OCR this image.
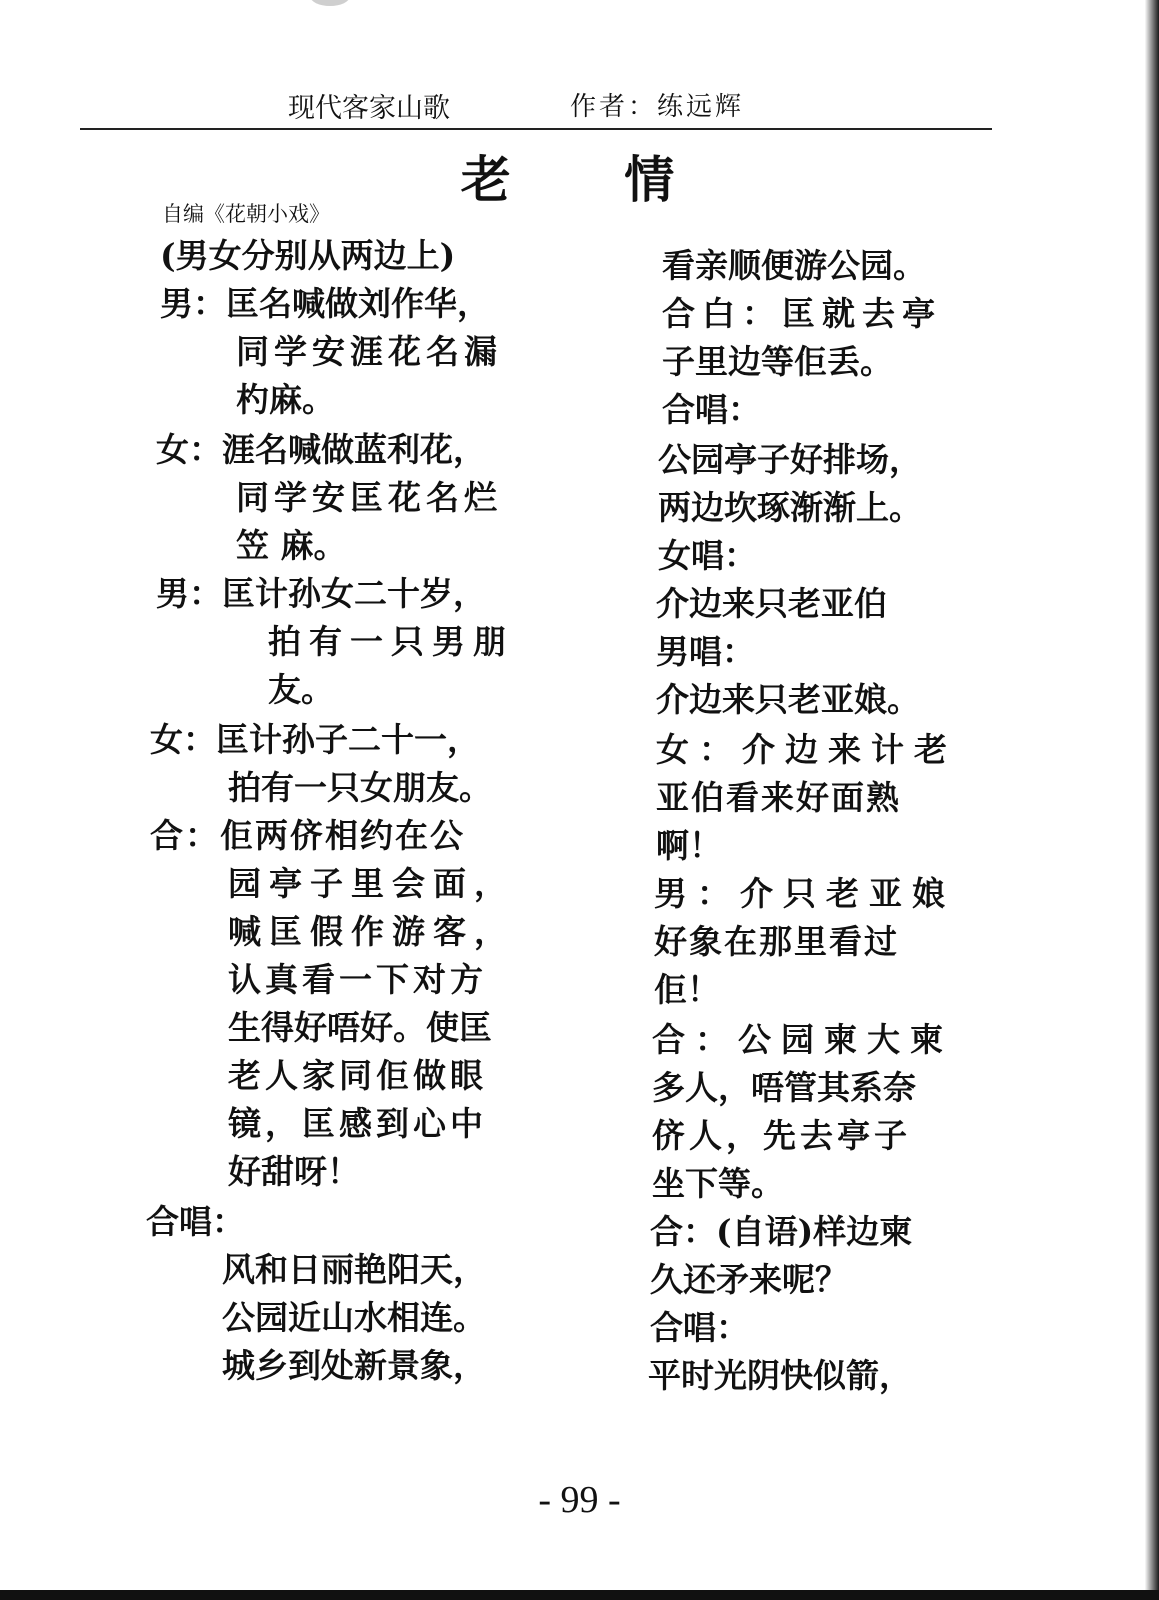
现代客家山歌	作者：练远辉
老 情
自编《花朝小戏》
(男女分别从两边上)
男：匡名喊做刘作华，
同学安涯花名漏
杓麻。
女：涯名喊做蓝利花，
同学安匡花名烂
笠 麻。
男：匡计孙女二十岁，
拍有一只男朋
友。
女：匡计孙子二十一，
拍有一只女朋友。
合：佢两侪相约在公
园亭子里会面，
喊匡假作游客，
认真看一下对方
生得好唔好。使匡
老人家同佢做眼
镜，匡感到心中
好甜呀！
合唱：
风和日丽艳阳天，
公园近山水相连。
城乡到处新景象，
看亲顺便游公园。
合白：匡就去亭
子里边等佢丢。
合唱：
公园亭子好排场，
两边坎琢渐渐上。
女唱：
介边来只老亚伯
男唱：
介边来只老亚娘。
女：介边来计老
亚伯看来好面熟
啊！
男：介只老亚娘
好象在那里看过
佢！
合：公园柬大柬
多人，唔管其系奈
侪人，先去亭子
坐下等。
合：(自语)样边柬
久还矛来呢？
合唱：
平时光阴快似箭，
- 99 -
